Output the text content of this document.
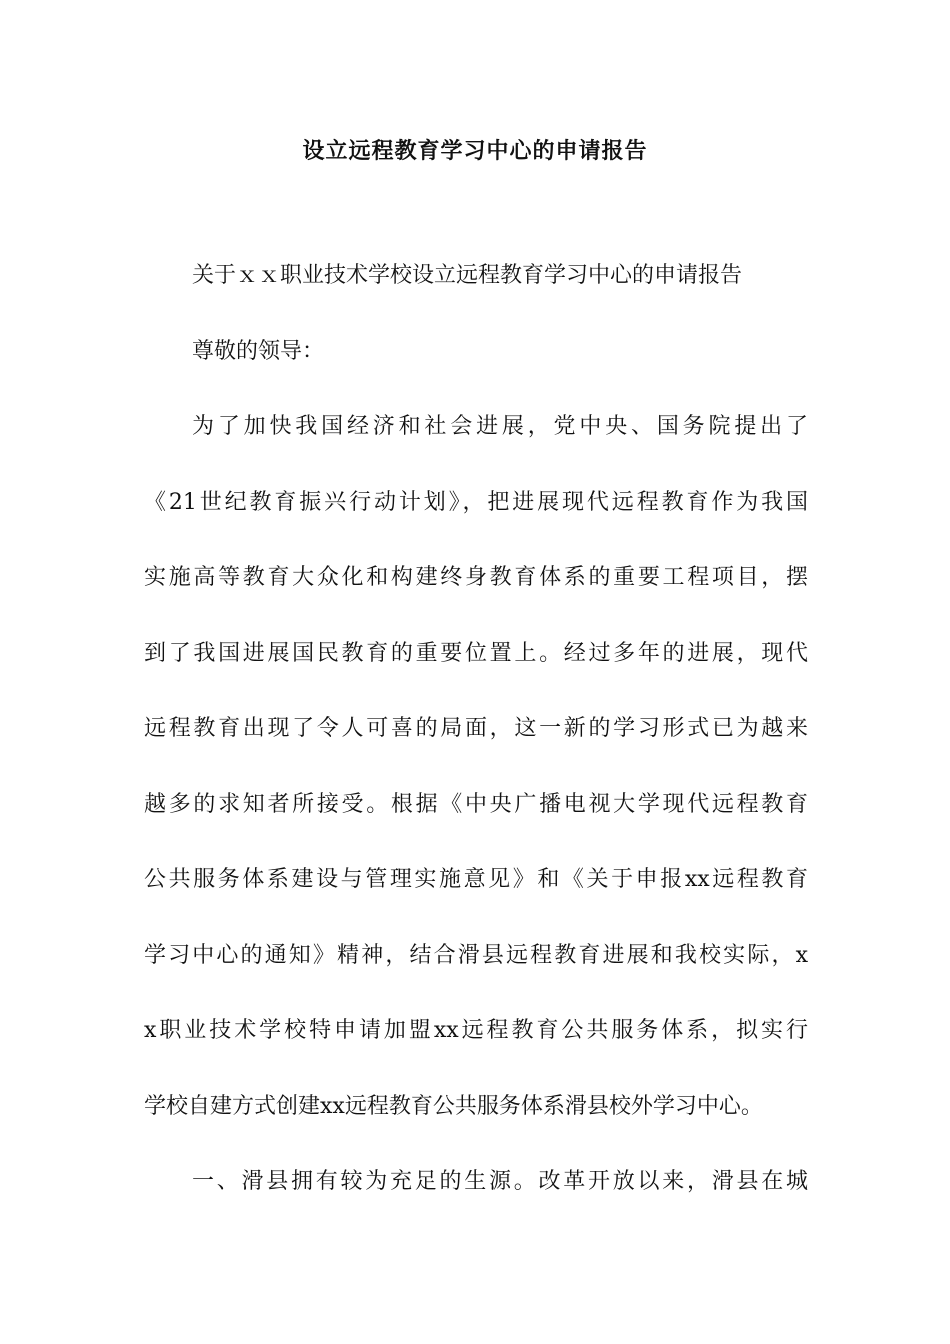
设立远程教育学习中心的申请报告
关于ｘｘ职业技术学校设立远程教育学习中心的申请报告
尊敬的领导：
为了加快我国经济和社会进展，党中央、国务院提出了
《21世纪教育振兴行动计划》，把进展现代远程教育作为我国
实施高等教育大众化和构建终身教育体系的重要工程项目，摆
到了我国进展国民教育的重要位置上。经过多年的进展，现代
远程教育出现了令人可喜的局面，这一新的学习形式已为越来
越多的求知者所接受。根据《中央广播电视大学现代远程教育
公共服务体系建设与管理实施意见》和《关于申报xx远程教育
学习中心的通知》精神，结合滑县远程教育进展和我校实际，x
x职业技术学校特申请加盟xx远程教育公共服务体系，拟实行
学校自建方式创建xx远程教育公共服务体系滑县校外学习中心。
一、滑县拥有较为充足的生源。改革开放以来，滑县在城
